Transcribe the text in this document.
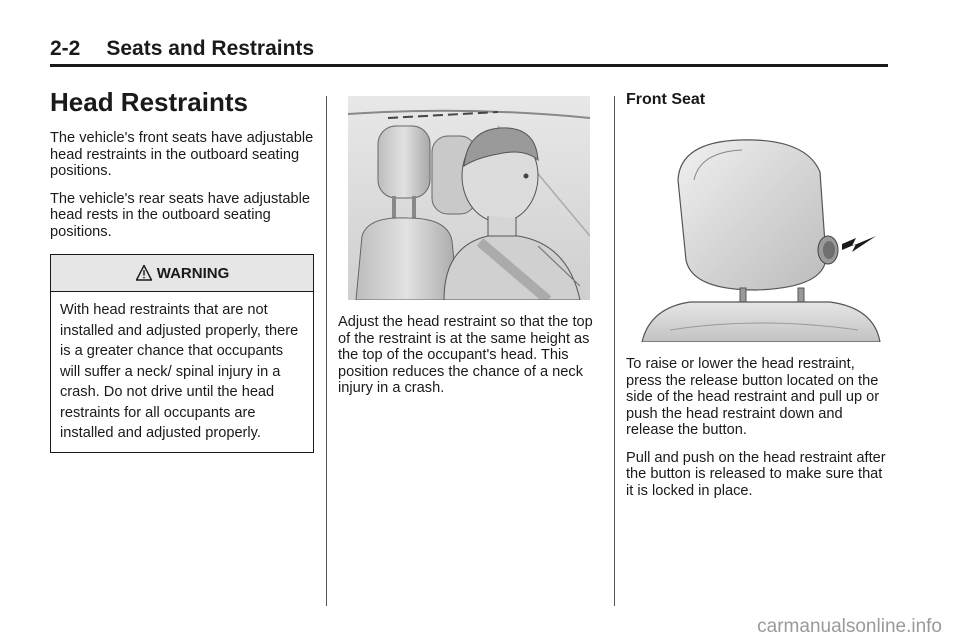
2-2 Seats and Restraints
Head Restraints

The vehicle's front seats have adjustable head restraints in the outboard seating positions.

The vehicle's rear seats have adjustable head rests in the outboard seating positions.

WARNING
With head restraints that are not installed and adjusted properly, there is a greater chance that occupants will suffer a neck/ spinal injury in a crash. Do not drive until the head restraints for all occupants are installed and adjusted properly.

Adjust the head restraint so that the top of the restraint is at the same height as the top of the occupant's head. This position reduces the chance of a neck injury in a crash.

Front Seat

To raise or lower the head restraint, press the release button located on the side of the head restraint and pull up or push the head restraint down and release the button.

Pull and push on the head restraint after the button is released to make sure that it is locked in place.

carmanualsonline.info
